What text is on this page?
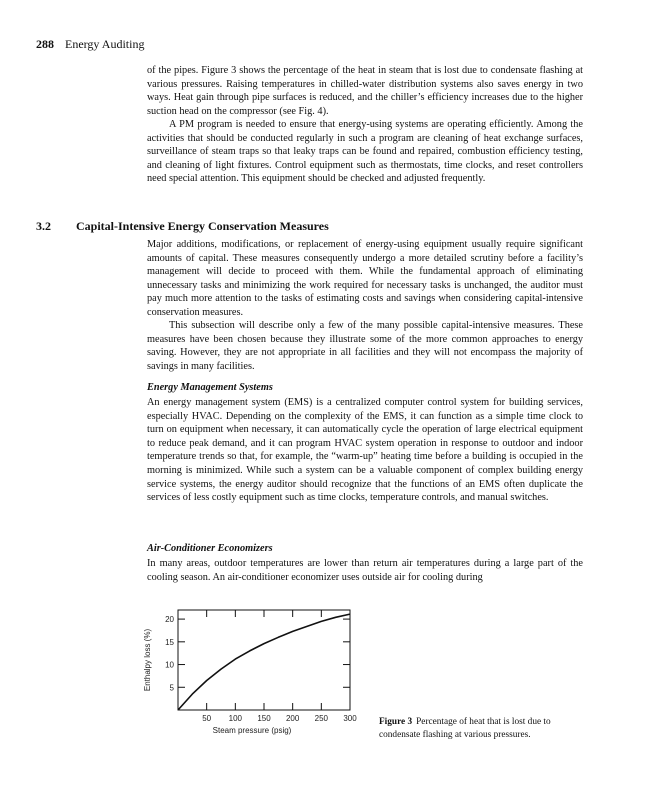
288 Energy Auditing

of the pipes. Figure 3 shows the percentage of the heat in steam that is lost due to condensate flashing at various pressures. Raising temperatures in chilled-water distribution systems also saves energy in two ways. Heat gain through pipe surfaces is reduced, and the chiller’s efficiency increases due to the higher suction head on the compressor (see Fig. 4).

A PM program is needed to ensure that energy-using systems are operating efficiently. Among the activities that should be conducted regularly in such a program are cleaning of heat exchange surfaces, surveillance of steam traps so that leaky traps can be found and repaired, combustion efficiency testing, and cleaning of light fixtures. Control equipment such as thermostats, time clocks, and reset controllers need special attention. This equipment should be checked and adjusted frequently.

3.2 Capital-Intensive Energy Conservation Measures

Major additions, modifications, or replacement of energy-using equipment usually require significant amounts of capital. These measures consequently undergo a more detailed scrutiny before a facility’s management will decide to proceed with them. While the fundamental approach of eliminating unnecessary tasks and minimizing the work required for necessary tasks is unchanged, the auditor must pay much more attention to the tasks of estimating costs and savings when considering capital-intensive conservation measures.

This subsection will describe only a few of the many possible capital-intensive measures. These measures have been chosen because they illustrate some of the more common approaches to energy saving. However, they are not appropriate in all facilities and they will not encompass the majority of savings in many facilities.

Energy Management Systems

An energy management system (EMS) is a centralized computer control system for building services, especially HVAC. Depending on the complexity of the EMS, it can function as a simple time clock to turn on equipment when necessary, it can automatically cycle the operation of large electrical equipment to reduce peak demand, and it can program HVAC system operation in response to outdoor and indoor temperature trends so that, for example, the “warm-up” heating time before a building is occupied in the morning is minimized. While such a system can be a valuable component of complex building energy service systems, the energy auditor should recognize that the functions of an EMS often duplicate the services of less costly equipment such as time clocks, temperature controls, and manual switches.

Air-Conditioner Economizers

In many areas, outdoor temperatures are lower than return air temperatures during a large part of the cooling season. An air-conditioner economizer uses outside air for cooling during

5
10
15
20
50 100 150 200 250 300
Steam pressure (psig)
Enthalpy loss (%)

Figure 3 Percentage of heat that is lost due to condensate flashing at various pressures.
